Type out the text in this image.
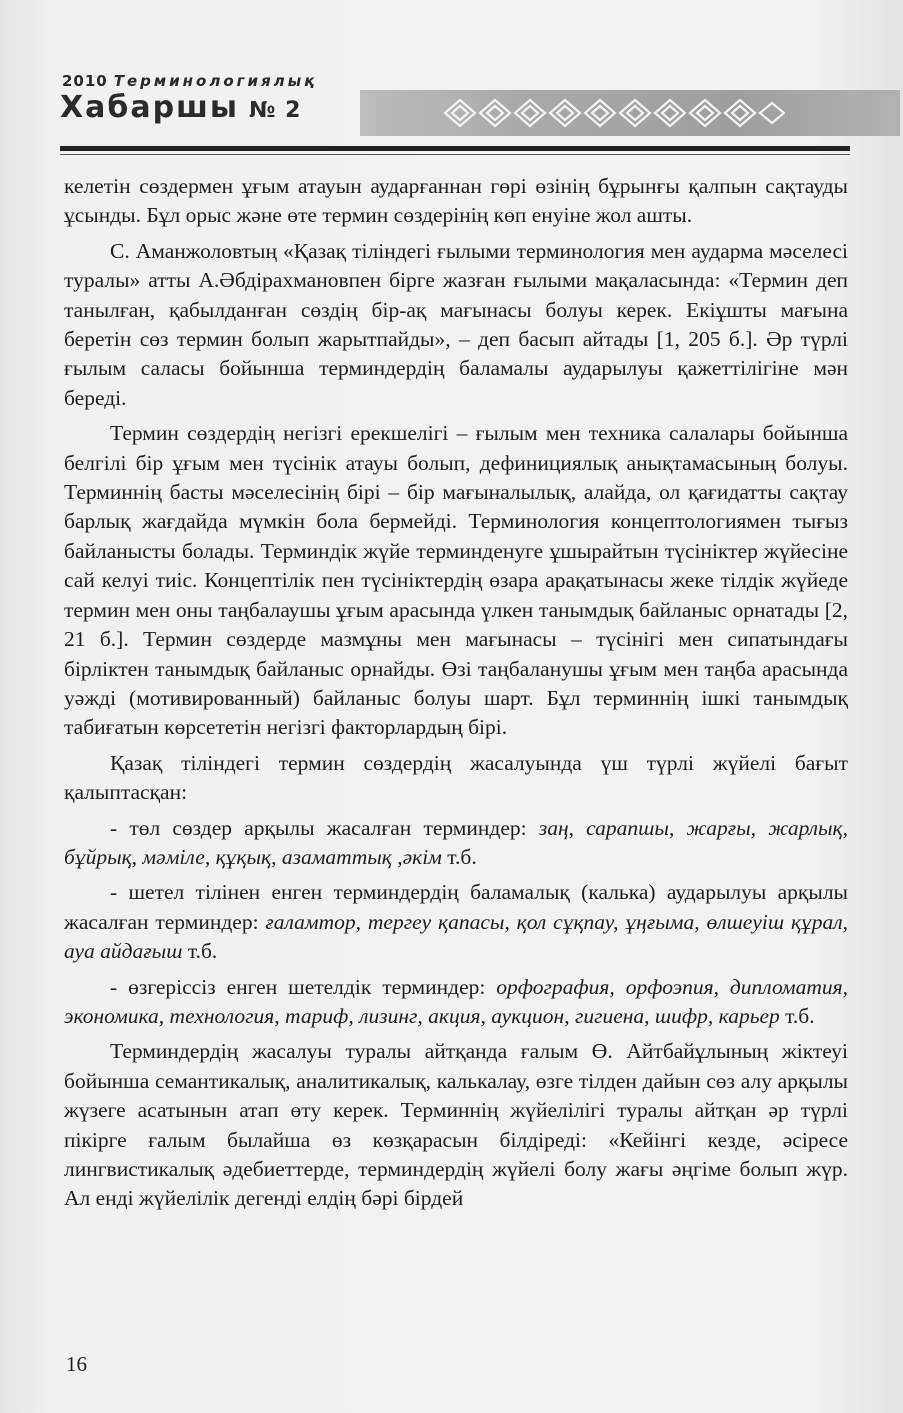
2010 Терминологиялық
Хабаршы № 2

келетін сөздермен ұғым атауын аударғаннан гөрі өзінің бұрынғы қалпын сақтауды ұсынды. Бұл орыс және өте термин сөздерінің көп енуіне жол ашты.

С. Аманжоловтың «Қазақ тіліндегі ғылыми терминология мен аударма мәселесі туралы» атты А.Әбдірахмановпен бірге жазған ғылыми мақаласында: «Термин деп танылған, қабылданған сөздің бір-ақ мағынасы болуы керек. Екіұшты мағына беретін сөз термин болып жарытпайды», – деп басып айтады [1, 205 б.]. Әр түрлі ғылым саласы бойынша терминдердің баламалы аударылуы қажеттілігіне мән береді.

Термин сөздердің негізгі ерекшелігі – ғылым мен техника салалары бойынша белгілі бір ұғым мен түсінік атауы болып, дефинициялық анықтамасының болуы. Терминнің басты мәселесінің бірі – бір мағыналылық, алайда, ол қағидатты сақтау барлық жағдайда мүмкін бола бермейді. Терминология концептологиямен тығыз байланысты болады. Терминдік жүйе терминденуге ұшырайтын түсініктер жүйесіне сай келуі тиіс. Концептілік пен түсініктердің өзара арақатынасы жеке тілдік жүйеде термин мен оны таңбалаушы ұғым арасында үлкен танымдық байланыс орнатады [2, 21 б.]. Термин сөздерде мазмұны мен мағынасы – түсінігі мен сипатындағы бірліктен танымдық байланыс орнайды. Өзі таңбаланушы ұғым мен таңба арасында уәжді (мотивированный) байланыс болуы шарт. Бұл терминнің ішкі танымдық табиғатын көрсететін негізгі факторлардың бірі.

Қазақ тіліндегі термин сөздердің жасалуында үш түрлі жүйелі бағыт қалыптасқан:

- төл сөздер арқылы жасалған терминдер: заң, сарапшы, жарғы, жарлық, бұйрық, мәміле, құқық, азаматтық ,әкім т.б.

- шетел тілінен енген терминдердің баламалық (калька) аударылуы арқылы жасалған терминдер: ғаламтор, тергеу қапасы, қол сұқпау, ұңғыма, өлшеуіш құрал, ауа айдағыш т.б.

- өзгеріссіз енген шетелдік терминдер: орфография, орфоэпия, дипломатия, экономика, технология, тариф, лизинг, акция, аукцион, гигиена, шифр, карьер т.б.

Терминдердің жасалуы туралы айтқанда ғалым Ө. Айтбайұлының жіктеуі бойынша семантикалық, аналитикалық, калькалау, өзге тілден дайын сөз алу арқылы жүзеге асатынын атап өту керек. Терминнің жүйелілігі туралы айтқан әр түрлі пікірге ғалым былайша өз көзқарасын білдіреді: «Кейінгі кезде, әсіресе лингвистикалық әдебиеттерде, терминдердің жүйелі болу жағы әңгіме болып жүр. Ал енді жүйелілік дегенді елдің бәрі бірдей

16
